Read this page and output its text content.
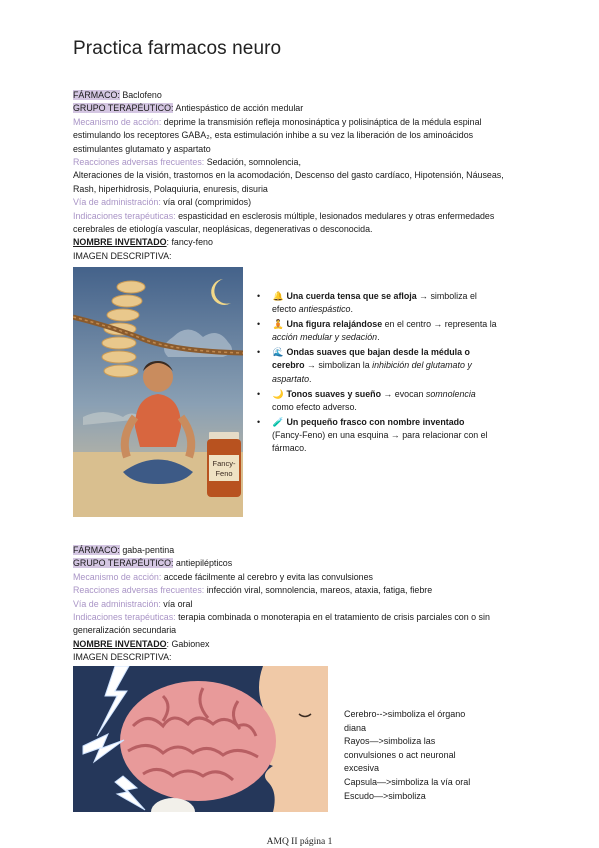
Practica farmacos neuro

FÁRMACO: Baclofeno

GRUPO TERAPÉUTICO: Antiespástico de acción medular

Mecanismo de acción: deprime la transmisión refleja monosináptica y polisináptica de la médula espinal estimulando los receptores GABA₂, esta estimulación inhibe a su vez la liberación de los aminoácidos estimulantes glutamato y aspartato

Reacciones adversas frecuentes: Sedación, somnolencia,

Alteraciones de la visión, trastornos en la acomodación, Descenso del gasto cardíaco, Hipotensión, Náuseas, Rash, hiperhidrosis, Polaquiuria, enuresis, disuria

Vía de administración: vía oral (comprimidos)

Indicaciones terapéuticas: espasticidad en esclerosis múltiple, lesionados medulares y otras enfermedades cerebrales de etiología vascular, neoplásicas, degenerativas o desconocida.

NOMBRE INVENTADO: fancy-feno

IMAGEN DESCRIPTIVA:

Fancy-
Feno
• 🔔 Una cuerda tensa que se afloja → simboliza el efecto antiespástico.
• 🧘 Una figura relajándose en el centro → representa la acción medular y sedación.
• 🌊 Ondas suaves que bajan desde la médula o cerebro → simbolizan la inhibición del glutamato y aspartato.
• 🌙 Tonos suaves y sueño → evocan somnolencia como efecto adverso.
• 🧪 Un pequeño frasco con nombre inventado (Fancy-Feno) en una esquina → para relacionar con el fármaco.

FÁRMACO: gaba-pentina

GRUPO TERAPÉUTICO: antiepilépticos

Mecanismo de acción: accede fácilmente al cerebro y evita las convulsiones

Reacciones adversas frecuentes: infección viral, somnolencia, mareos, ataxia, fatiga, fiebre

Vía de administración: vía oral

Indicaciones terapéuticas: terapia combinada o monoterapia en el tratamiento de crisis parciales con o sin generalización secundaria

NOMBRE INVENTADO: Gabionex

IMAGEN DESCRIPTIVA:

Cerebro-->simboliza el órgano diana

Rayos—>simboliza las convulsiones o act neuronal excesiva

Capsula—>simboliza la vía oral

Escudo—>simboliza

AMQ II página 1
